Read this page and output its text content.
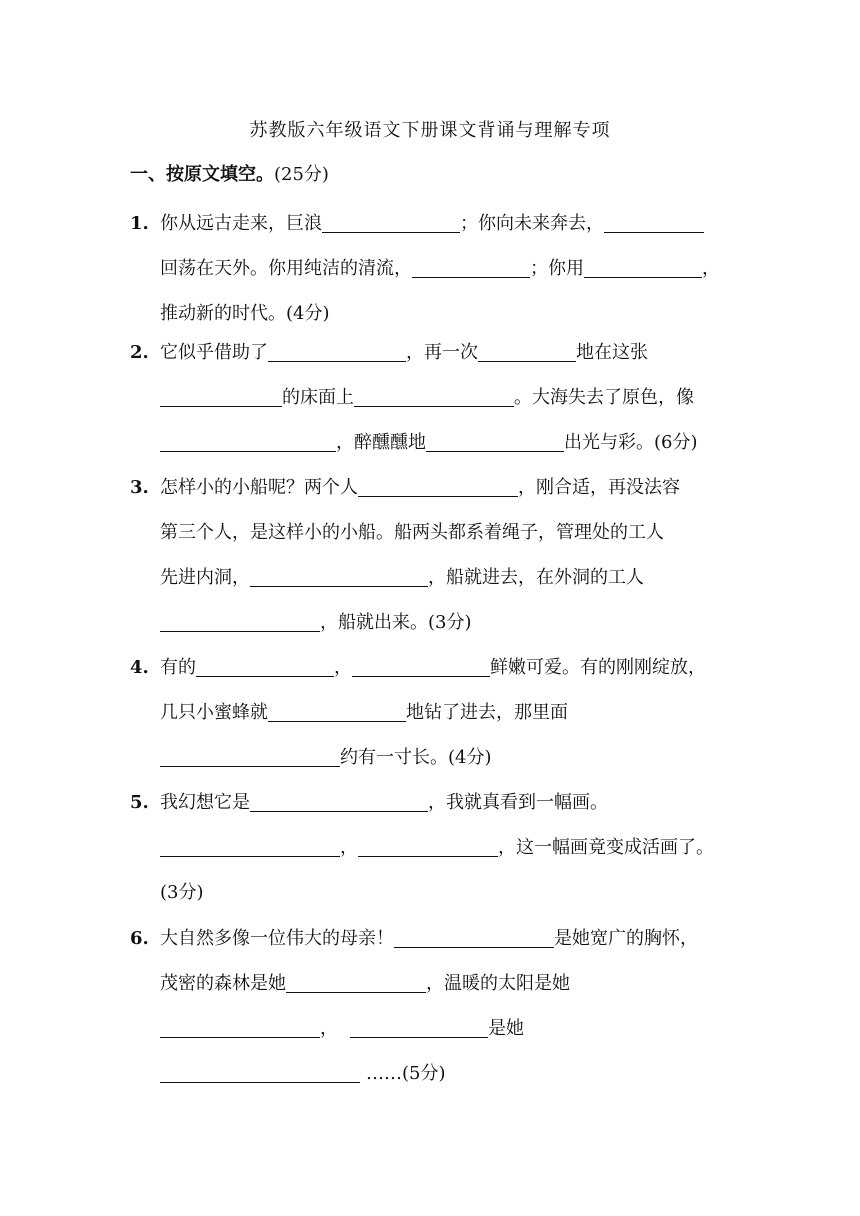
苏教版六年级语文下册课文背诵与理解专项
一、按原文填空。(25分)
1. 你从远古走来，巨浪	；你向未来奔去，
回荡在天外。你用纯洁的清流，	；你用	，
推动新的时代。(4分)
2. 它似乎借助了	，再一次	地在这张
的床面上	。大海失去了原色，像
，醉醺醺地	出光与彩。(6分)
3. 怎样小的小船呢？两个人	，刚合适，再没法容
第三个人，是这样小的小船。船两头都系着绳子，管理处的工人
先进内洞，	，船就进去，在外洞的工人
，船就出来。(3分)
4. 有的	，	鲜嫩可爱。有的刚刚绽放，
几只小蜜蜂就	地钻了进去，那里面
约有一寸长。(4分)
5. 我幻想它是	，我就真看到一幅画。
，	，这一幅画竟变成活画了。
(3分)
6. 大自然多像一位伟大的母亲！	是她宽广的胸怀，
茂密的森林是她	，温暖的太阳是她
，	是她
……(5分)
